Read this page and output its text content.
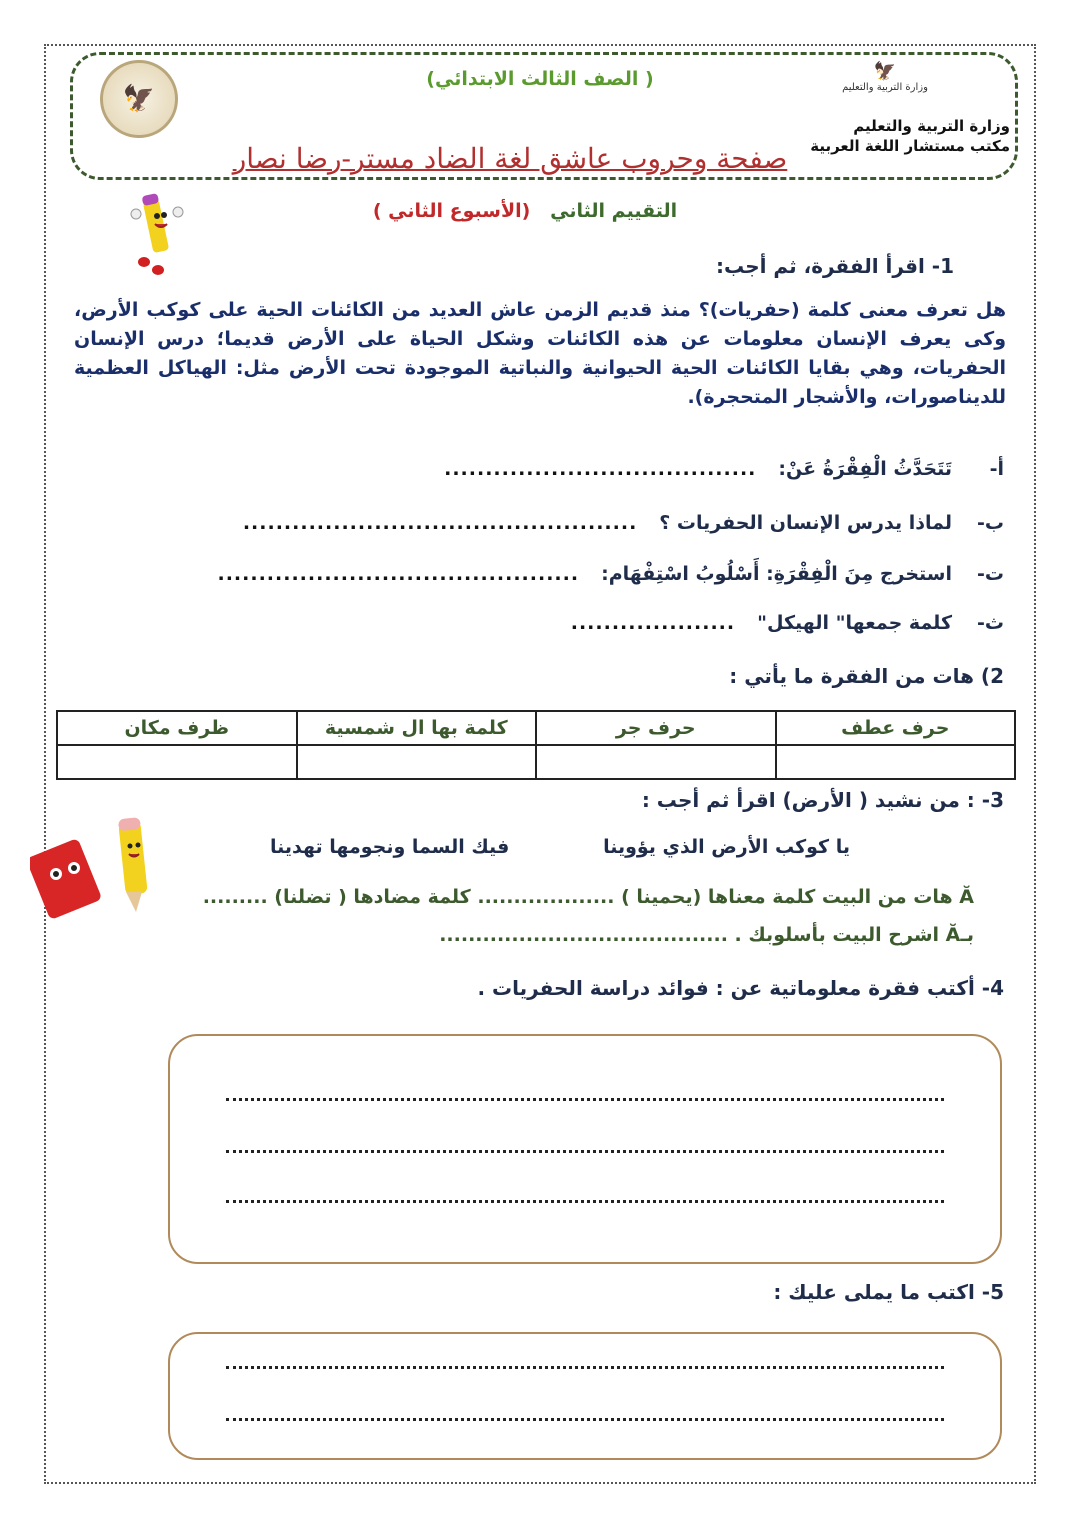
🦅
( الصف الثالث الابتدائي)	🦅
وزارة التربية والتعليم
وزارة التربية والتعليم
مكتب مستشار اللغة العربية
صفحة وحروب عاشق لغة الضاد مستر-رضا نصار
التقييم الثاني   (الأسبوع الثاني )
1- اقرأ الفقرة، ثم أجب:
هل تعرف معنى كلمة (حفريات)؟ منذ قديم الزمن عاش العديد من الكائنات الحية على كوكب الأرض، وكى يعرف الإنسان معلومات عن هذه الكائنات وشكل الحياة على الأرض قديما؛ درس الإنسان الحفريات، وهي بقايا الكائنات الحية الحيوانية والنباتية الموجودة تحت الأرض مثل: الهياكل العظمية للديناصورات، والأشجار المتحجرة).
أ-
تَتَحَدَّثُ الْفِقْرَةُ عَنْ:
......................................
ب-
لماذا يدرس الإنسان الحفريات ؟
................................................
ت-
استخرج مِنَ الْفِقْرَةِ: أَسْلُوبُ اسْتِفْهَام:
............................................
ث-
كلمة جمعها" الهيكل"
....................
2) هات من الفقرة ما يأتي :
حرف عطف	حرف جر	كلمة بها ال شمسية	ظرف مكان

3- : من نشيد ( الأرض) اقرأ ثم أجب :
يا كوكب الأرض الذي يؤوينا
فيك السما ونجومها تهدينا
Ă هات من البيت كلمة معناها (يحمينا ) ................... كلمة مضادها ( تضلنا) .........
بـĂ اشرح البيت بأسلوبك . ........................................
4- أكتب فقرة معلوماتية عن : فوائد دراسة الحفريات .
5- اكتب ما يملى عليك :
